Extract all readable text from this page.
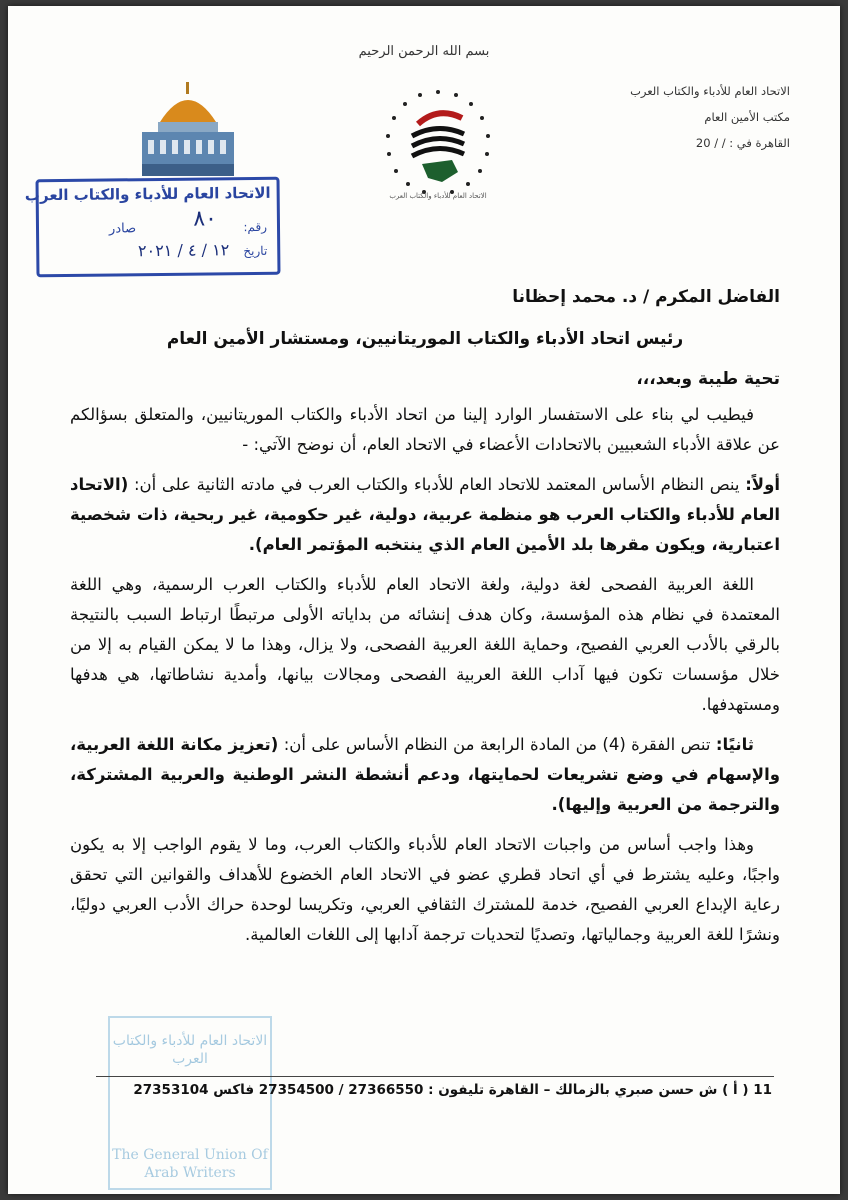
بسم الله الرحمن الرحيم
الاتحاد العام للأدباء والكتاب العرب
مكتب الأمين العام
القاهرة في : / / 20
الاتحاد العام للأدباء والكتاب العرب
الاتحاد العام للأدباء والكتاب العرب
رقم:
٨٠
صادر
تاريخ
١٢ / ٤ / ٢٠٢١

الفاضل المكرم / د. محمد إحظانا

رئيس اتحاد الأدباء والكتاب الموريتانيين، ومستشار الأمين العام

تحية طيبة وبعد،،،

فيطيب لي بناء على الاستفسار الوارد إلينا من اتحاد الأدباء والكتاب الموريتانيين، والمتعلق بسؤالكم عن علاقة الأدباء الشعبيين بالاتحادات الأعضاء في الاتحاد العام، أن نوضح الآتي: -

أولاً: ينص النظام الأساس المعتمد للاتحاد العام للأدباء والكتاب العرب في مادته الثانية على أن: (الاتحاد العام للأدباء والكتاب العرب هو منظمة عربية، دولية، غير حكومية، غير ربحية، ذات شخصية اعتبارية، ويكون مقرها بلد الأمين العام الذي ينتخبه المؤتمر العام).

اللغة العربية الفصحى لغة دولية، ولغة الاتحاد العام للأدباء والكتاب العرب الرسمية، وهي اللغة المعتمدة في نظام هذه المؤسسة، وكان هدف إنشائه من بداياته الأولى مرتبطًا ارتباط السبب بالنتيجة بالرقي بالأدب العربي الفصيح، وحماية اللغة العربية الفصحى، ولا يزال، وهذا ما لا يمكن القيام به إلا من خلال مؤسسات تكون فيها آداب اللغة العربية الفصحى ومجالات بيانها، وأمدية نشاطاتها، هي هدفها ومستهدفها.

ثانيًا: تنص الفقرة (4) من المادة الرابعة من النظام الأساس على أن: (تعزيز مكانة اللغة العربية، والإسهام في وضع تشريعات لحمايتها، ودعم أنشطة النشر الوطنية والعربية المشتركة، والترجمة من العربية وإليها).

وهذا واجب أساس من واجبات الاتحاد العام للأدباء والكتاب العرب، وما لا يقوم الواجب إلا به يكون واجبًا، وعليه يشترط في أي اتحاد قطري عضو في الاتحاد العام الخضوع للأهداف والقوانين التي تحقق رعاية الإبداع العربي الفصيح، خدمة للمشترك الثقافي العربي، وتكريسا لوحدة حراك الأدب العربي دوليًا، ونشرًا للغة العربية وجمالياتها، وتصديًا لتحديات ترجمة آدابها إلى اللغات العالمية.

الاتحاد العام للأدباء والكتاب العرب
The General Union Of Arab Writers
11 ( أ ) ش حسن صبري بالزمالك – القاهرة تليفون : 27366550 / 27354500 فاكس 27353104
